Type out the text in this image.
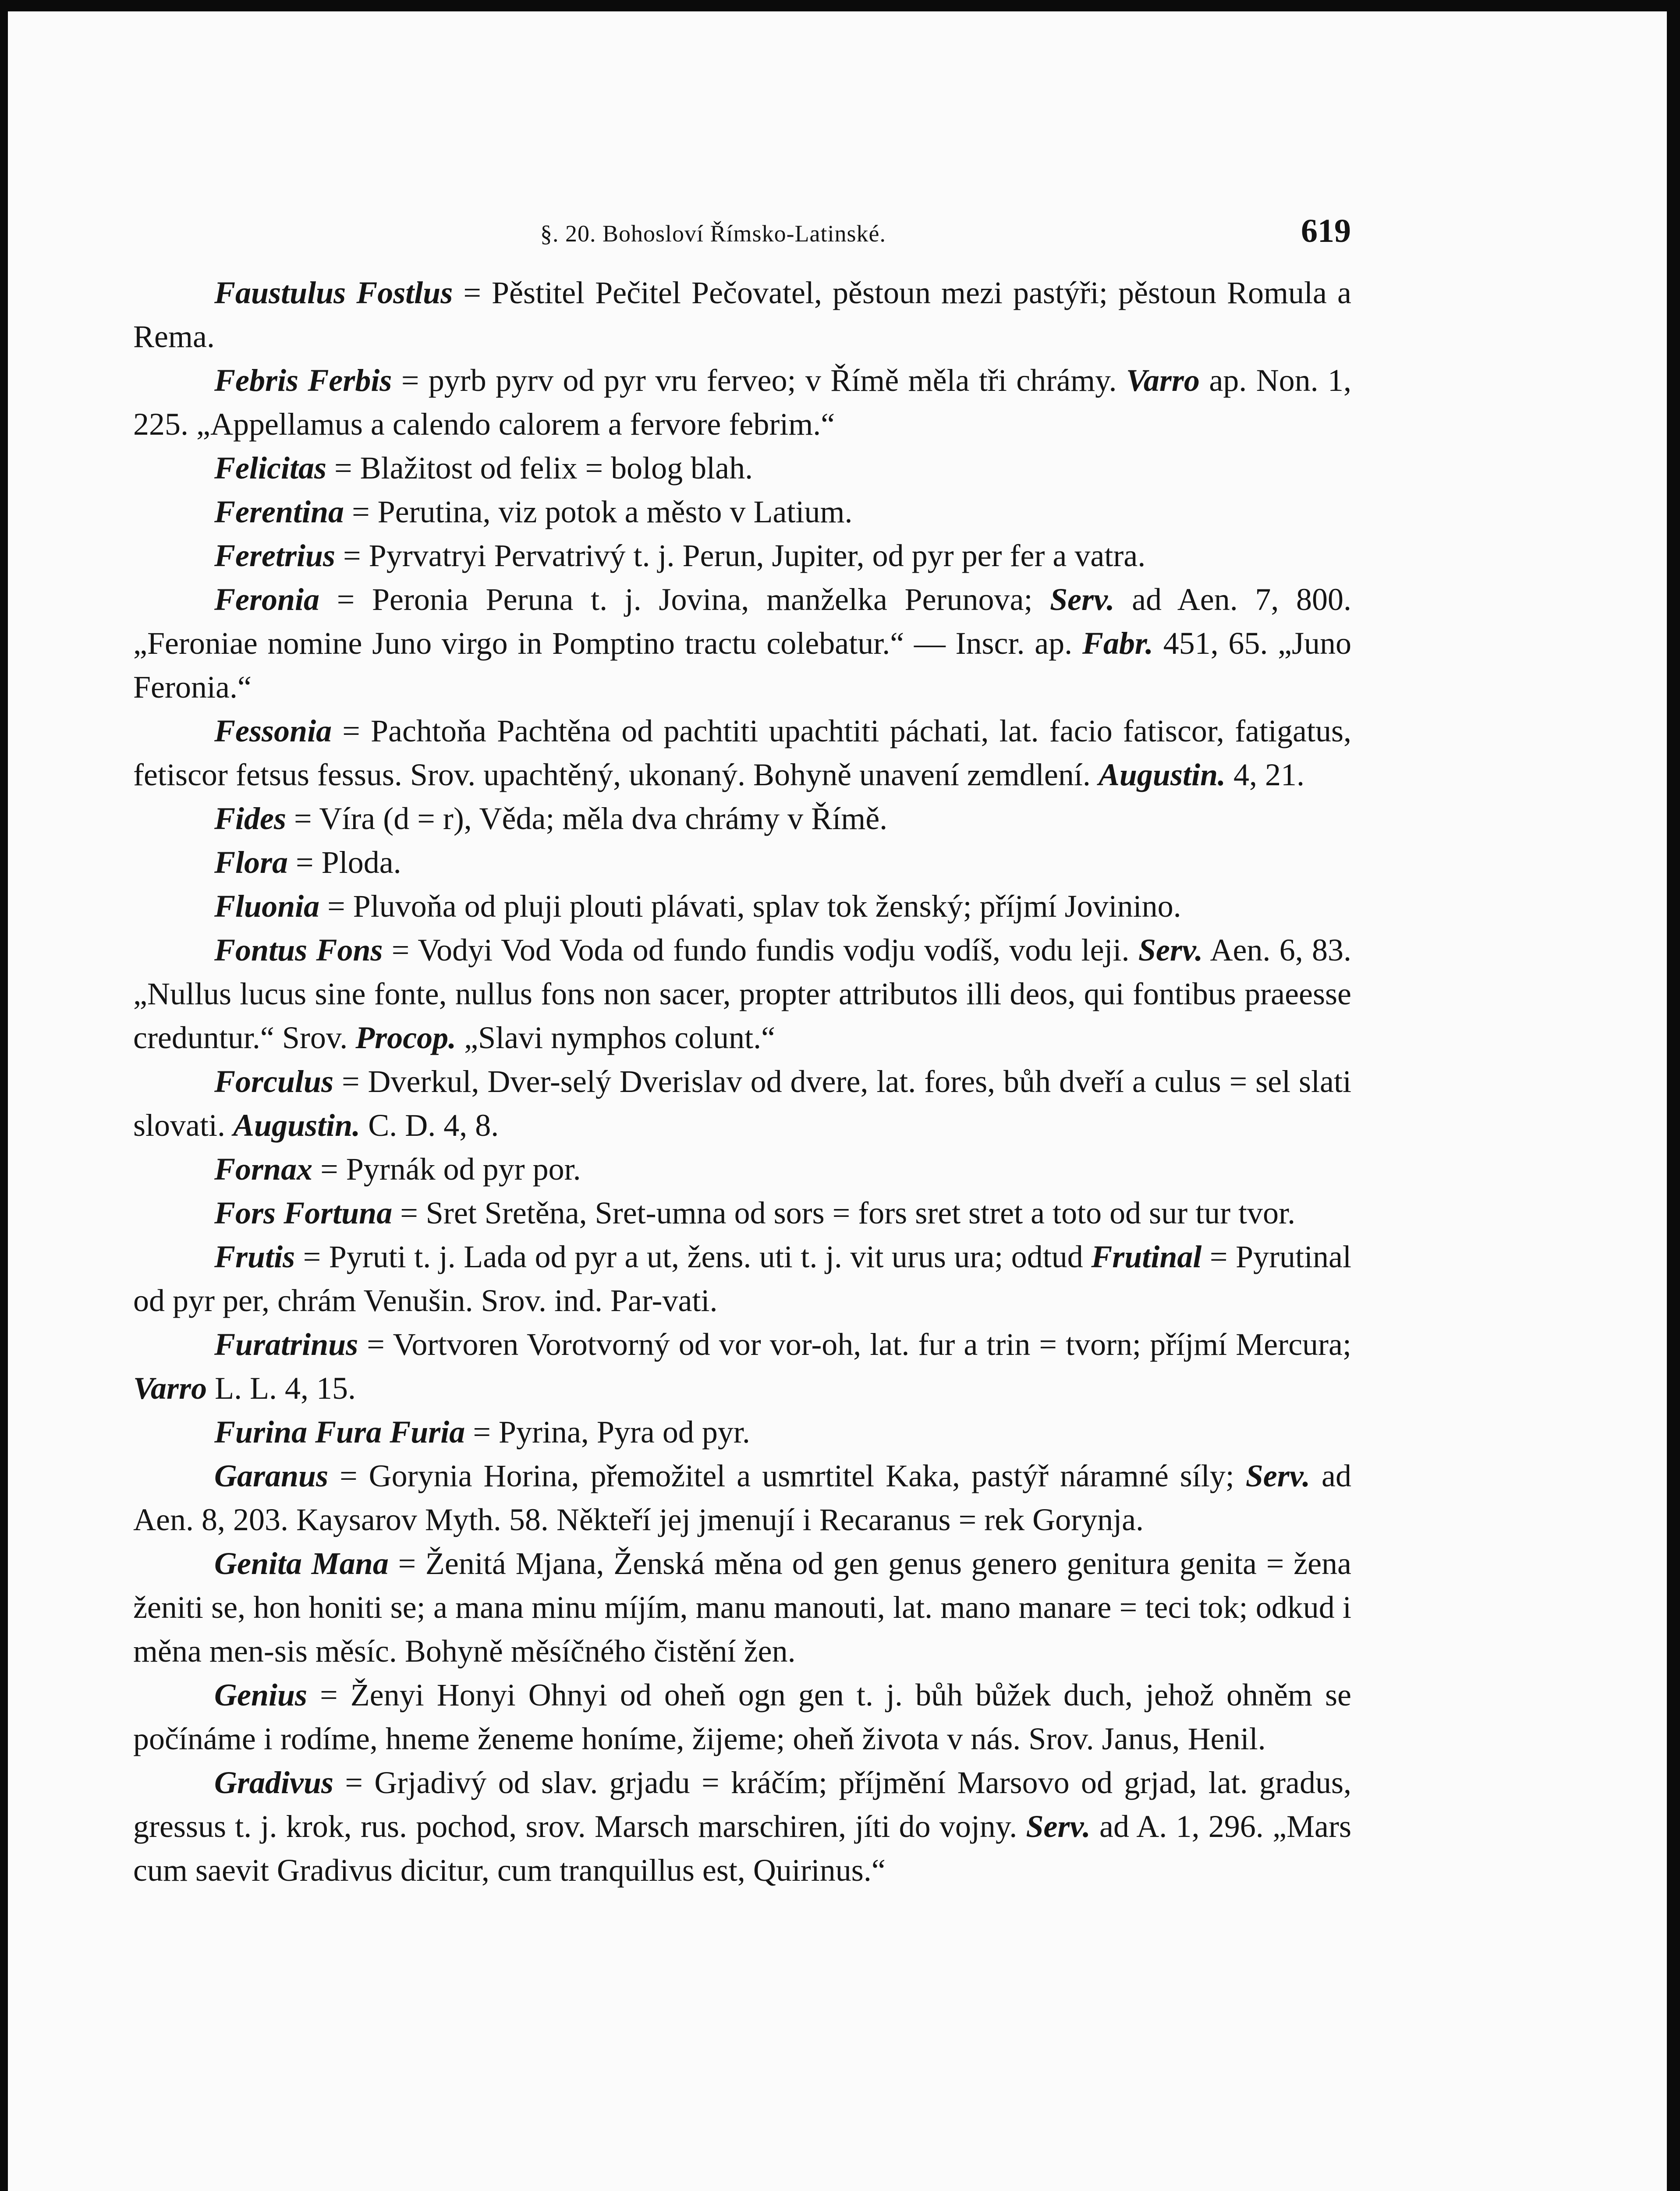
§. 20. Bohosloví Římsko-Latinské.	619

Faustulus Fostlus = Pěstitel Pečitel Pečovatel, pěstoun mezi pastýři; pěstoun Romula a Rema.

Febris Ferbis = pyrb pyrv od pyr vru ferveo; v Římě měla tři chrámy. Varro ap. Non. 1, 225. „Appellamus a calendo calorem a fervore febrim.“

Felicitas = Blažitost od felix = bolog blah.

Ferentina = Perutina, viz potok a město v Latium.

Feretrius = Pyrvatryi Pervatrivý t. j. Perun, Jupiter, od pyr per fer a vatra.

Feronia = Peronia Peruna t. j. Jovina, manželka Perunova; Serv. ad Aen. 7, 800. „Feroniae nomine Juno virgo in Pomptino tractu colebatur.“ — Inscr. ap. Fabr. 451, 65. „Juno Feronia.“

Fessonia = Pachtoňa Pachtěna od pachtiti upachtiti páchati, lat. facio fatiscor, fatigatus, fetiscor fetsus fessus. Srov. upachtěný, ukonaný. Bohyně unavení zemdlení. Augustin. 4, 21.

Fides = Víra (d = r), Věda; měla dva chrámy v Římě.

Flora = Ploda.

Fluonia = Pluvoňa od pluji plouti plávati, splav tok ženský; příjmí Jovinino.

Fontus Fons = Vodyi Vod Voda od fundo fundis vodju vodíš, vodu leji. Serv. Aen. 6, 83. „Nullus lucus sine fonte, nullus fons non sacer, propter attributos illi deos, qui fontibus praeesse creduntur.“ Srov. Procop. „Slavi nymphos colunt.“

Forculus = Dverkul, Dver-selý Dverislav od dvere, lat. fores, bůh dveří a culus = sel slati slovati. Augustin. C. D. 4, 8.

Fornax = Pyrnák od pyr por.

Fors Fortuna = Sret Sretěna, Sret-umna od sors = fors sret stret a toto od sur tur tvor.

Frutis = Pyruti t. j. Lada od pyr a ut, žens. uti t. j. vit urus ura; odtud Frutinal = Pyrutinal od pyr per, chrám Venušin. Srov. ind. Par-vati.

Furatrinus = Vortvoren Vorotvorný od vor vor-oh, lat. fur a trin = tvorn; příjmí Mercura; Varro L. L. 4, 15.

Furina Fura Furia = Pyrina, Pyra od pyr.

Garanus = Gorynia Horina, přemožitel a usmrtitel Kaka, pastýř náramné síly; Serv. ad Aen. 8, 203. Kaysarov Myth. 58. Někteří jej jmenují i Recaranus = rek Gorynja.

Genita Mana = Ženitá Mjana, Ženská měna od gen genus genero genitura genita = žena ženiti se, hon honiti se; a mana minu míjím, manu manouti, lat. mano manare = teci tok; odkud i měna men-sis měsíc. Bohyně měsíčného čistění žen.

Genius = Ženyi Honyi Ohnyi od oheň ogn gen t. j. bůh bůžek duch, jehož ohněm se počínáme i rodíme, hneme ženeme honíme, žijeme; oheň života v nás. Srov. Janus, Henil.

Gradivus = Grjadivý od slav. grjadu = kráčím; příjmění Marsovo od grjad, lat. gradus, gressus t. j. krok, rus. pochod, srov. Marsch marschiren, jíti do vojny. Serv. ad A. 1, 296. „Mars cum saevit Gradivus dicitur, cum tranquillus est, Quirinus.“
